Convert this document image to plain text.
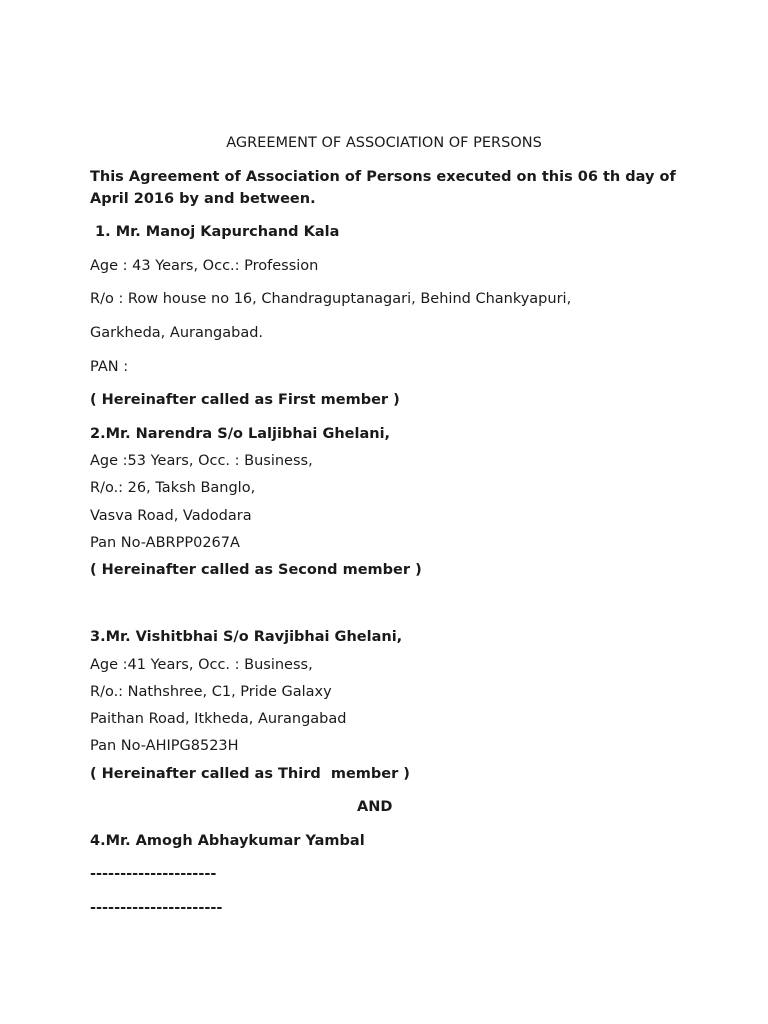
AGREEMENT OF ASSOCIATION OF PERSONS
This Agreement of Association of Persons executed on this 06 th day of April 2016 by and between.
1. Mr. Manoj Kapurchand Kala
Age : 43 Years, Occ.: Profession
R/o : Row house no 16, Chandraguptanagari, Behind Chankyapuri,
Garkheda, Aurangabad.
PAN :
( Hereinafter called as First member )
2.Mr. Narendra S/o Laljibhai Ghelani,
Age :53 Years, Occ. : Business,
R/o.: 26, Taksh Banglo,
Vasva Road, Vadodara
Pan No-ABRPP0267A
( Hereinafter called as Second member )
3.Mr. Vishitbhai S/o Ravjibhai Ghelani,
Age :41 Years, Occ. : Business,
R/o.: Nathshree, C1, Pride Galaxy
Paithan Road, Itkheda, Aurangabad
Pan No-AHIPG8523H
( Hereinafter called as Third  member )
AND
4.Mr. Amogh Abhaykumar Yambal
---------------------
----------------------
